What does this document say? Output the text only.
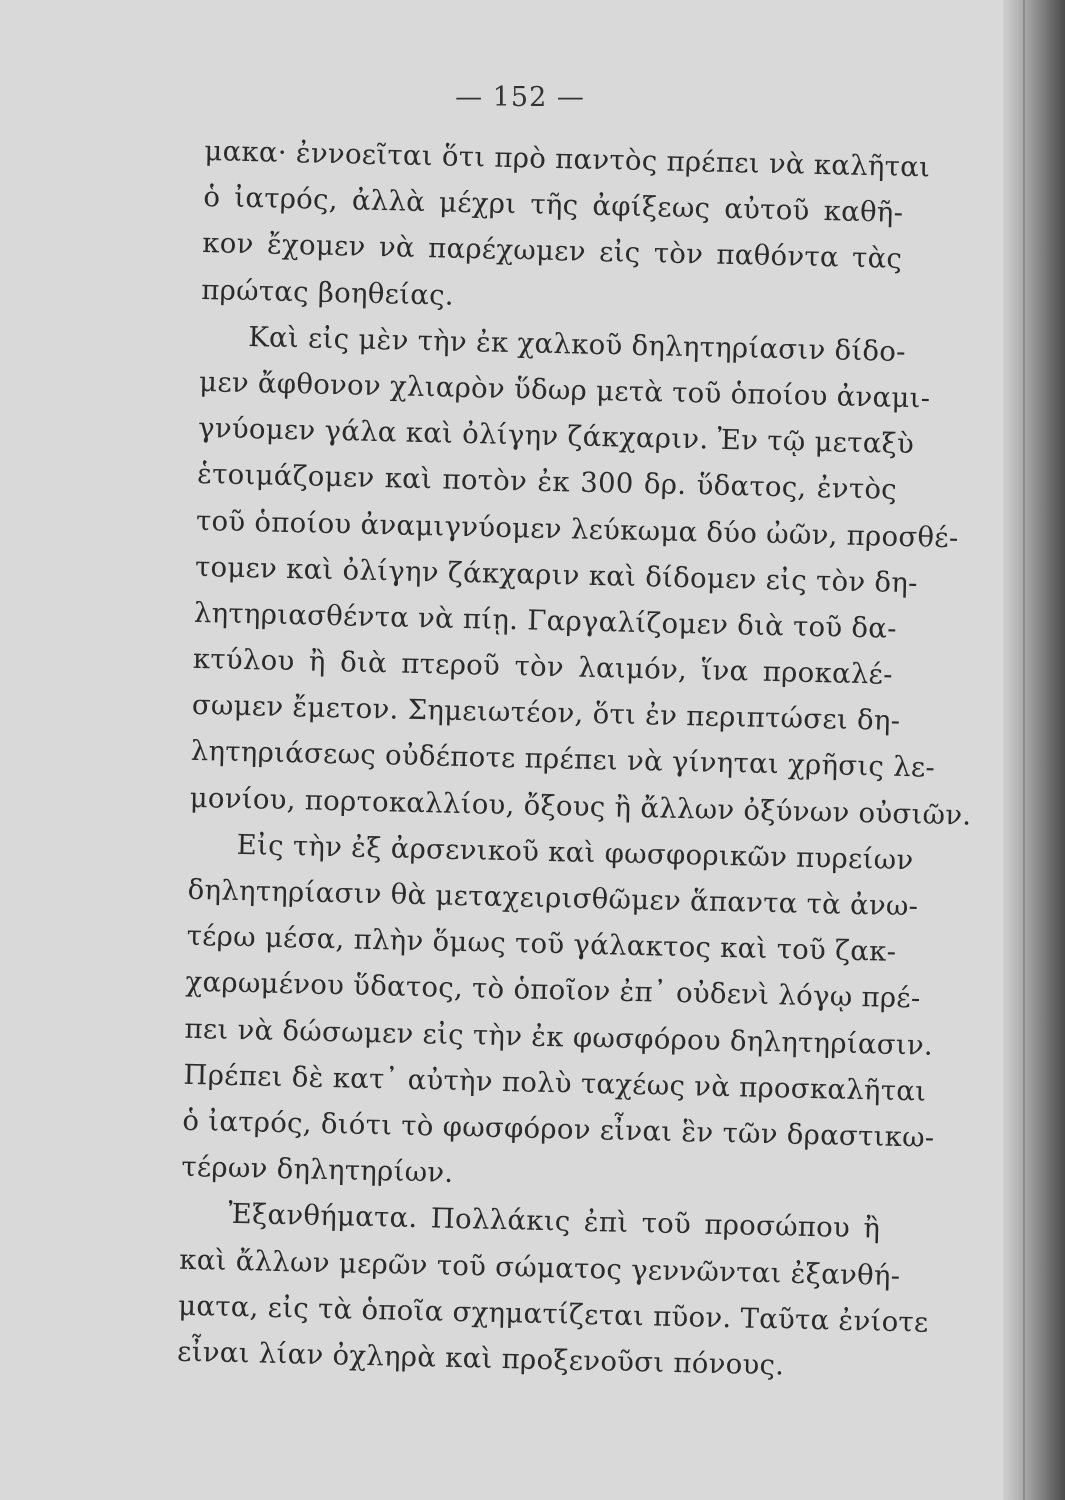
— 152 —
μακα· ἐννοεῖται ὅτι πρὸ παντὸς πρέπει νὰ καλῆται
ὁ ἰατρός, ἀλλὰ μέχρι τῆς ἀφίξεως αὐτοῦ καθῆ-
κον ἔχομεν νὰ παρέχωμεν εἰς τὸν παθόντα τὰς
πρώτας βοηθείας.
Καὶ εἰς μὲν τὴν ἐκ χαλκοῦ δηλητηρίασιν δίδο-
μεν ἄφθονον χλιαρὸν ὕδωρ μετὰ τοῦ ὁποίου ἀναμι-
γνύομεν γάλα καὶ ὀλίγην ζάκχαριν. Ἐν τῷ μεταξὺ
ἑτοιμάζομεν καὶ ποτὸν ἐκ 300 δρ. ὕδατος, ἐντὸς
τοῦ ὁποίου ἀναμιγνύομεν λεύκωμα δύο ὠῶν, προσθέ-
τομεν καὶ ὀλίγην ζάκχαριν καὶ δίδομεν εἰς τὸν δη-
λητηριασθέντα νὰ πίῃ. Γαργαλίζομεν διὰ τοῦ δα-
κτύλου ἢ διὰ πτεροῦ τὸν λαιμόν, ἵνα προκαλέ-
σωμεν ἔμετον. Σημειωτέον, ὅτι ἐν περιπτώσει δη-
λητηριάσεως οὐδέποτε πρέπει νὰ γίνηται χρῆσις λε-
μονίου, πορτοκαλλίου, ὄξους ἢ ἄλλων ὀξύνων οὐσιῶν.
Εἰς τὴν ἐξ ἀρσενικοῦ καὶ φωσφορικῶν πυρείων
δηλητηρίασιν θὰ μεταχειρισθῶμεν ἅπαντα τὰ ἀνω-
τέρω μέσα, πλὴν ὅμως τοῦ γάλακτος καὶ τοῦ ζακ-
χαρωμένου ὕδατος, τὸ ὁποῖον ἐπ᾽ οὐδενὶ λόγῳ πρέ-
πει νὰ δώσωμεν εἰς τὴν ἐκ φωσφόρου δηλητηρίασιν.
Πρέπει δὲ κατ᾽ αὐτὴν πολὺ ταχέως νὰ προσκαλῆται
ὁ ἰατρός, διότι τὸ φωσφόρον εἶναι ἓν τῶν δραστικω-
τέρων δηλητηρίων.
Ἐξανθήματα. Πολλάκις ἐπὶ τοῦ προσώπου ἢ
καὶ ἄλλων μερῶν τοῦ σώματος γεννῶνται ἐξανθή-
ματα, εἰς τὰ ὁποῖα σχηματίζεται πῦον. Ταῦτα ἐνίοτε
εἶναι λίαν ὀχληρὰ καὶ προξενοῦσι πόνους.
